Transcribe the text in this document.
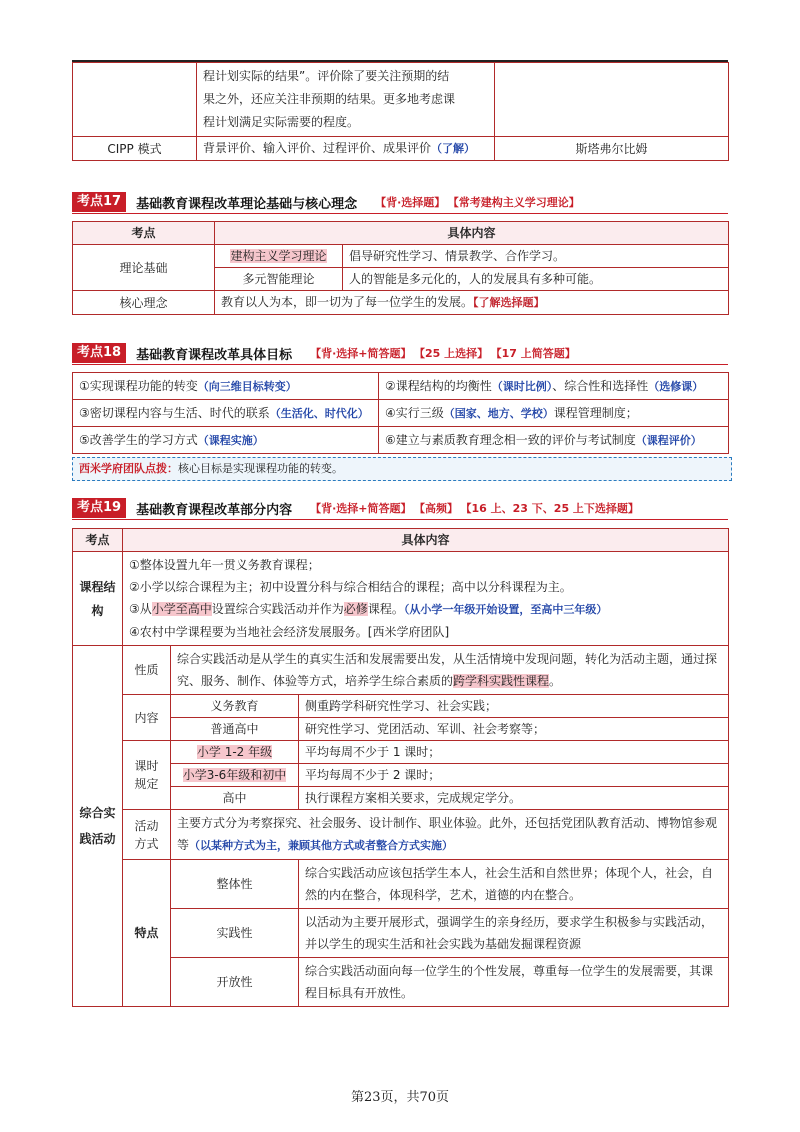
	程计划实际的结果”。评价除了要关注预期的结
果之外，还应关注非预期的结果。更多地考虑课
程计划满足实际需要的程度。	

CIPP 模式	背景评价、输入评价、过程评价、成果评价（了解）	斯塔弗尔比姆
考点17	基础教育课程改革理论基础与核心理念 【背·选择题】 【常考建构主义学习理论】
考点	具体内容	
理论基础	建构主义学习理论	倡导研究性学习、情景教学、合作学习。
	多元智能理论	人的智能是多元化的，人的发展具有多种可能。
核心理念	教育以人为本，即一切为了每一位学生的发展。【了解选择题】	
考点18	基础教育课程改革具体目标 【背·选择+简答题】 【25 上选择】 【17 上简答题】
①实现课程功能的转变（向三维目标转变）	②课程结构的均衡性（课时比例）、综合性和选择性（选修课）
③密切课程内容与生活、时代的联系（生活化、时代化）	④实行三级（国家、地方、学校）课程管理制度；
⑤改善学生的学习方式（课程实施）	⑥建立与素质教育理念相一致的评价与考试制度（课程评价）
西米学府团队点拨：核心目标是实现课程功能的转变。
考点19	基础教育课程改革部分内容 【背·选择+简答题】 【高频】 【16 上、23 下、25 上下选择题】
考点	具体内容		
课程结构	①整体设置九年一贯义务教育课程；
②小学以综合课程为主；初中设置分科与综合相结合的课程；高中以分科课程为主。
③从小学至高中设置综合实践活动并作为必修课程。（从小学一年级开始设置，至高中三年级）
④农村中学课程要为当地社会经济发展服务。[西米学府团队]		

综合实践活动	性质	综合实践活动是从学生的真实生活和发展需要出发，从生活情境中发现问题，转化为活动主题，通过探究、服务、制作、体验等方式，培养学生综合素质的跨学科实践性课程。	
	内容	义务教育	侧重跨学科研究性学习、社会实践；
		普通高中	研究性学习、党团活动、军训、社会考察等；
	课时规定	小学 1-2 年级	平均每周不少于 1 课时；
		小学3-6年级和初中	平均每周不少于 2 课时；
		高中	执行课程方案相关要求，完成规定学分。
	活动方式	主要方式分为考察探究、社会服务、设计制作、职业体验。此外，还包括党团队教育活动、博物馆参观等（以某种方式为主，兼顾其他方式或者整合方式实施）	
	特点	整体性	综合实践活动应该包括学生本人，社会生活和自然世界；体现个人，社会，自然的内在整合，体现科学，艺术，道德的内在整合。

		实践性	以活动为主要开展形式，强调学生的亲身经历，要求学生积极参与实践活动，并以学生的现实生活和社会实践为基础发掘课程资源

		开放性	综合实践活动面向每一位学生的个性发展，尊重每一位学生的发展需要，其课程目标具有开放性。

第23页，共70页
